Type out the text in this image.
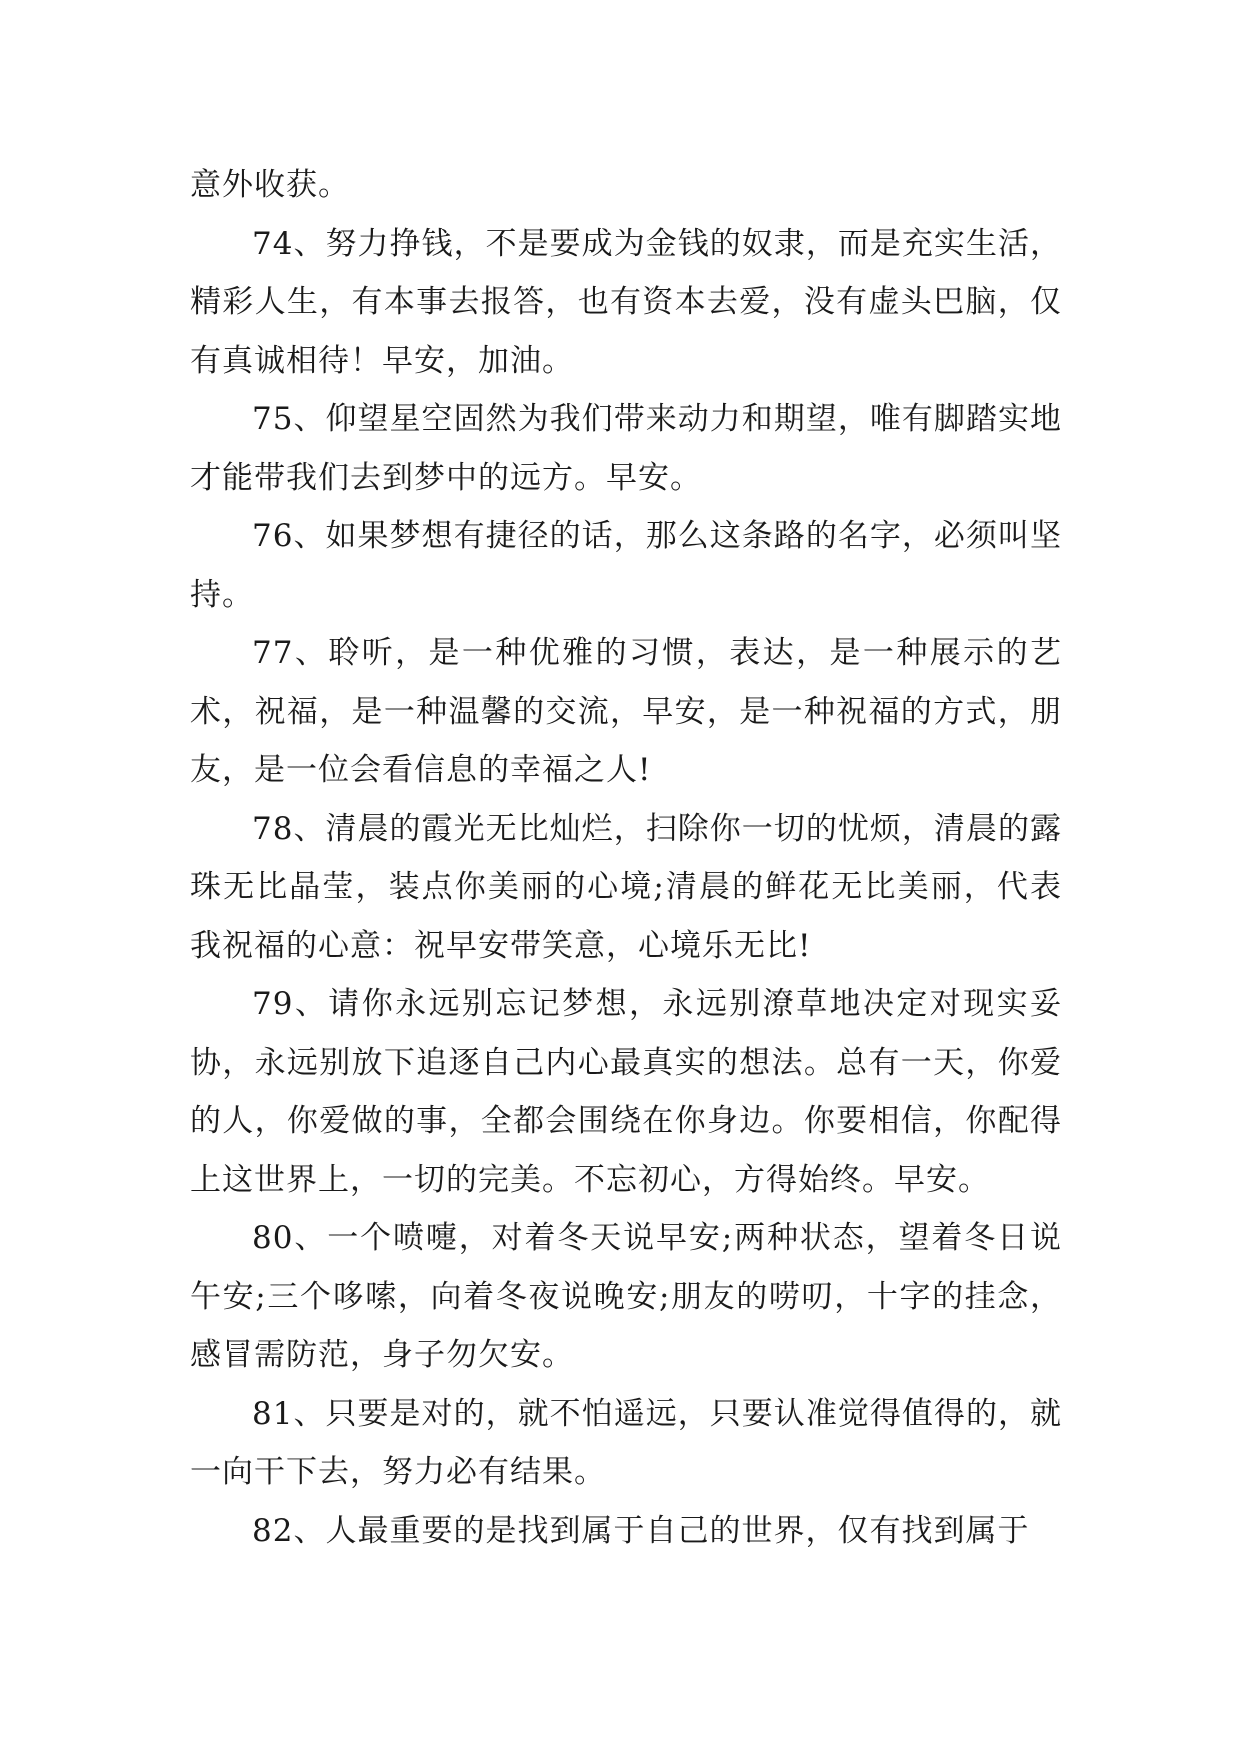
意外收获。

74、努力挣钱，不是要成为金钱的奴隶，而是充实生活，精彩人生，有本事去报答，也有资本去爱，没有虚头巴脑，仅有真诚相待！早安，加油。

75、仰望星空固然为我们带来动力和期望，唯有脚踏实地才能带我们去到梦中的远方。早安。

76、如果梦想有捷径的话，那么这条路的名字，必须叫坚持。

77、聆听，是一种优雅的习惯，表达，是一种展示的艺术，祝福，是一种温馨的交流，早安，是一种祝福的方式，朋友，是一位会看信息的幸福之人!

78、清晨的霞光无比灿烂，扫除你一切的忧烦，清晨的露珠无比晶莹，装点你美丽的心境;清晨的鲜花无比美丽，代表我祝福的心意：祝早安带笑意，心境乐无比!

79、请你永远别忘记梦想，永远别潦草地决定对现实妥协，永远别放下追逐自己内心最真实的想法。总有一天，你爱的人，你爱做的事，全都会围绕在你身边。你要相信，你配得上这世界上，一切的完美。不忘初心，方得始终。早安。

80、一个喷嚏，对着冬天说早安;两种状态，望着冬日说午安;三个哆嗦，向着冬夜说晚安;朋友的唠叨，十字的挂念，感冒需防范，身子勿欠安。

81、只要是对的，就不怕遥远，只要认准觉得值得的，就一向干下去，努力必有结果。

82、人最重要的是找到属于自己的世界，仅有找到属于
